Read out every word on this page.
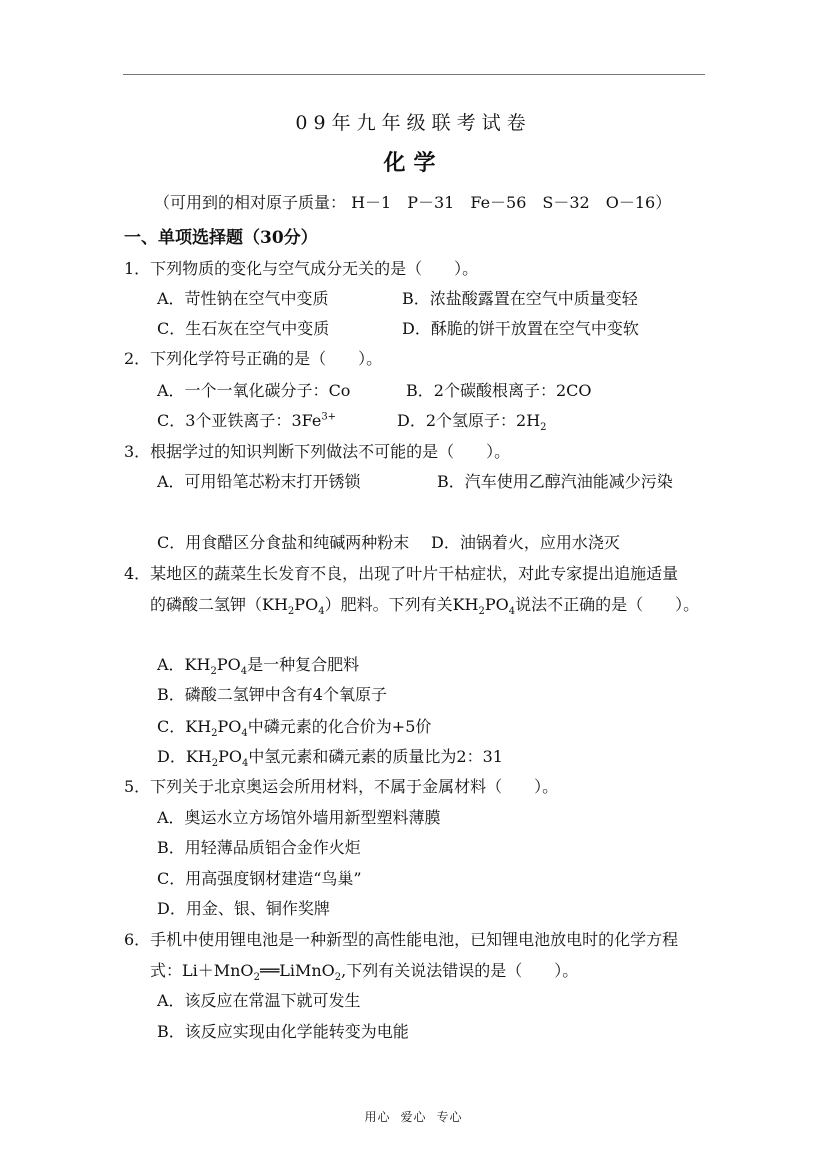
09年九年级联考试卷
化学
（可用到的相对原子质量： H－1　P－31　Fe－56　S－32　O－16）
一、单项选择题（30分）
1．下列物质的变化与空气成分无关的是（　　）。
A．苛性钠在空气中变质	B．浓盐酸露置在空气中质量变轻
C．生石灰在空气中变质	D．酥脆的饼干放置在空气中变软
2．下列化学符号正确的是（　　）。
A．一个一氧化碳分子：Co	B．2个碳酸根离子：2CO
C．3个亚铁离子：$3Fe^{3+}$	D．2个氢原子：$2H_2$
3．根据学过的知识判断下列做法不可能的是（　　）。
A．可用铅笔芯粉末打开锈锁	B．汽车使用乙醇汽油能减少污染
C．用食醋区分食盐和纯碱两种粉末 D．油锅着火，应用水浇灭
4．某地区的蔬菜生长发育不良，出现了叶片干枯症状，对此专家提出追施适量
的磷酸二氢钾$(KH_2PO_4)$肥料。下列有关$KH_2PO_4$说法不正确的是（　　）。
A．$KH_2PO_4$是一种复合肥料
B．磷酸二氢钾中含有4个氧原子
C．$KH_2PO_4$中磷元素的化合价为+5价
D．$KH_2PO_4$中氢元素和磷元素的质量比为2：31
5．下列关于北京奥运会所用材料，不属于金属材料（　　）。
A．奥运水立方场馆外墙用新型塑料薄膜
B．用轻薄品质铝合金作火炬
C．用高强度钢材建造“鸟巢”
D．用金、银、铜作奖牌
6．手机中使用锂电池是一种新型的高性能电池，已知锂电池放电时的化学方程
式：Li＋MnO$_2$══LiMnO$_2$,下列有关说法错误的是（　　）。
A．该反应在常温下就可发生
B．该反应实现由化学能转变为电能
用心 爱心 专心
